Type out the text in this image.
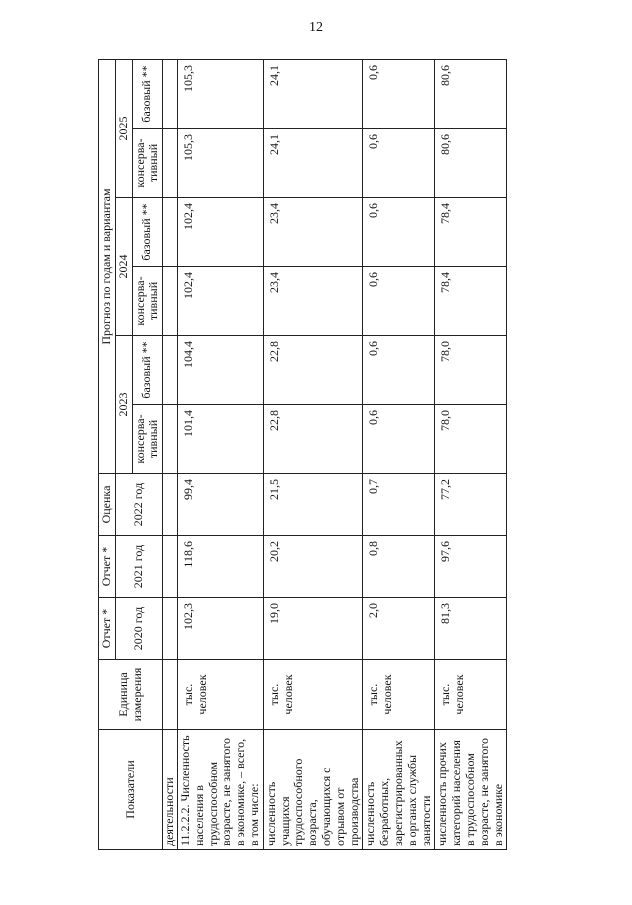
12
Показатели	Единица измерения	Отчет *	Отчет *	Оценка	Прогноз по годам и вариантам					
		2020 год	2021 год	2022 год	2023		2024		2025	
					консерва-тивный	базовый **	консерва-тивный	базовый **	консерва-тивный	базовый **
деятельности										
11.2.2.2. Численность населения в трудоспособном возрасте, не занятого в экономике, – всего, в том числе:	тыс. человек	102,3	118,6	99,4	101,4	104,4	102,4	102,4	105,3	105,3
численность учащихся трудоспособного возраста, обучающихся с отрывом от производства	тыс. человек	19,0	20,2	21,5	22,8	22,8	23,4	23,4	24,1	24,1
численность безработных, зарегистрированных в органах службы занятости	тыс. человек	2,0	0,8	0,7	0,6	0,6	0,6	0,6	0,6	0,6
численность прочих категорий населения в трудоспособном возрасте, не занятого в экономике	тыс. человек	81,3	97,6	77,2	78,0	78,0	78,4	78,4	80,6	80,6
